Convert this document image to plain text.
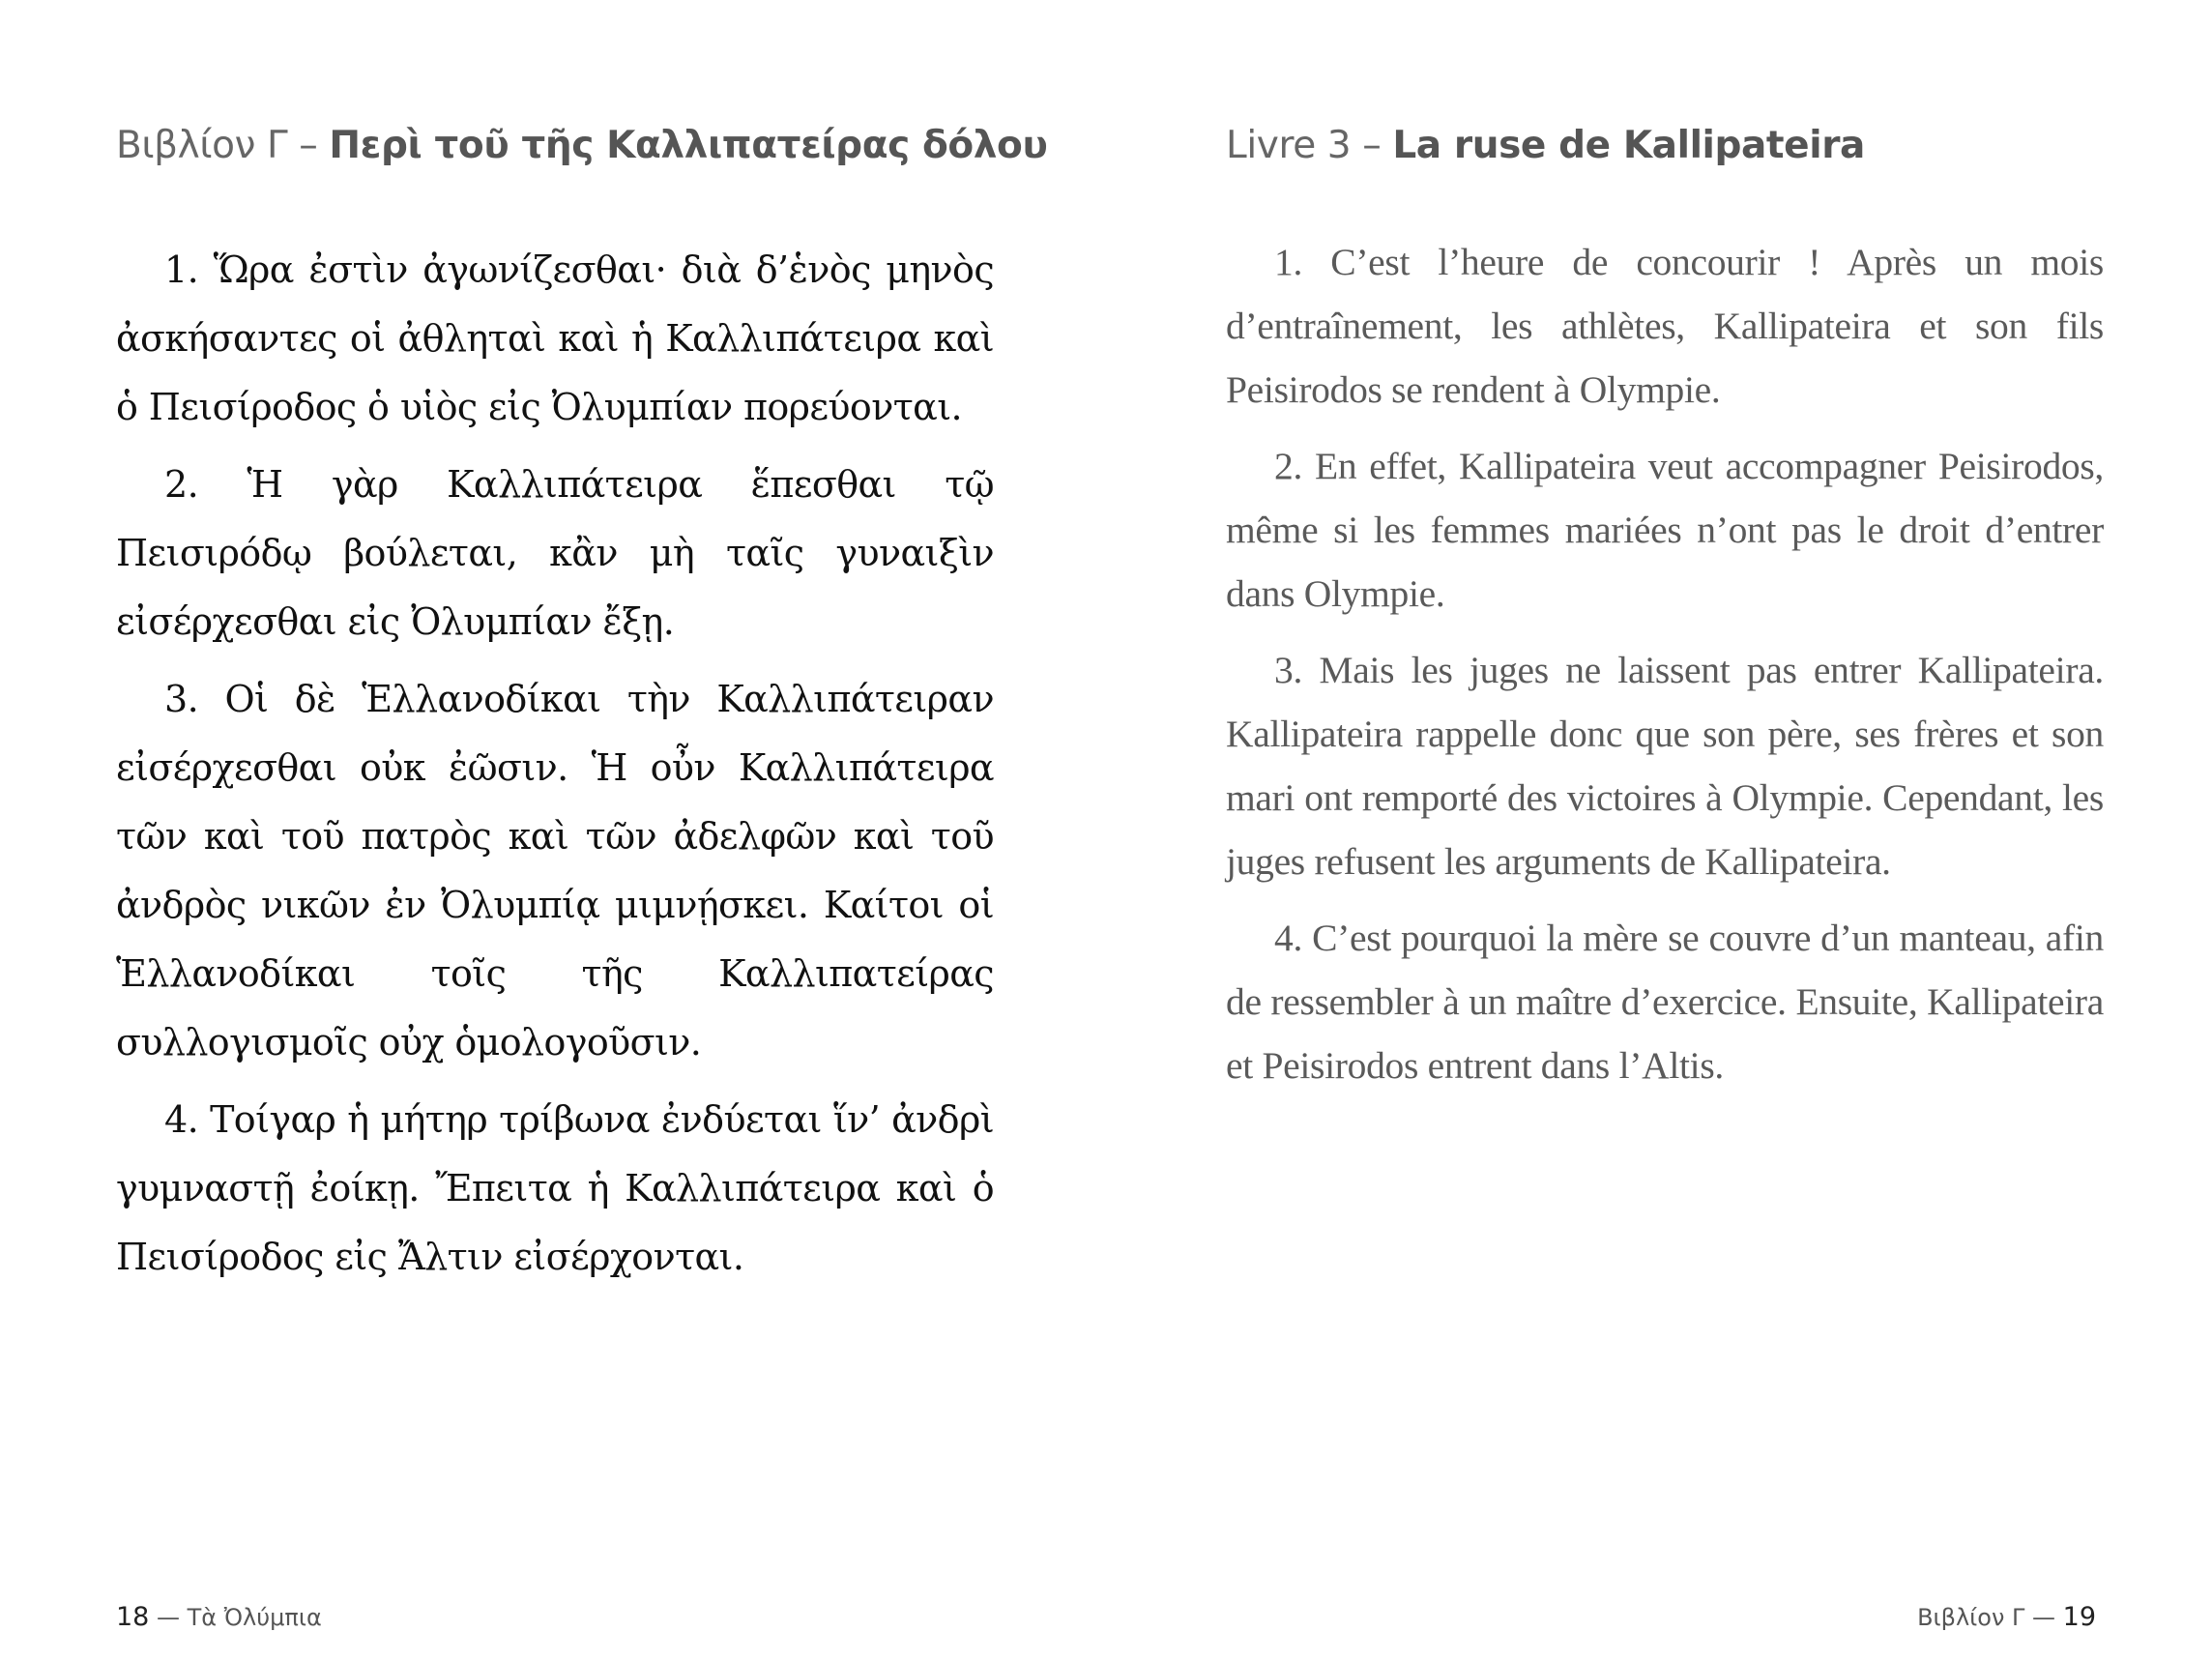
Βιβλίον Γ – Περὶ τοῦ τῆς Καλλιπατείρας δόλου

1. Ὥρα ἐστὶν ἀγωνίζεσθαι· διὰ δ’ἑνὸς μηνὸς ἀσκήσαντες οἱ ἀθληταὶ καὶ ἡ Καλλιπάτειρα καὶ ὁ Πεισίροδος ὁ υἱὸς εἰς Ὀλυμπίαν πορεύονται.

2. Ἡ γὰρ Καλλιπάτειρα ἕπεσθαι τῷ Πεισιρόδῳ βούλεται, κἂν μὴ ταῖς γυναιξὶν εἰσέρχεσθαι εἰς Ὀλυμπίαν ἔξῃ.

3. Οἱ δὲ Ἑλλανοδίκαι τὴν Καλλιπάτειραν εἰσέρχεσθαι οὐκ ἐῶσιν. Ἡ οὖν Καλλιπάτειρα τῶν καὶ τοῦ πατρὸς καὶ τῶν ἀδελφῶν καὶ τοῦ ἀνδρὸς νικῶν ἐν Ὀλυμπίᾳ μιμνῄσκει. Καίτοι οἱ Ἑλλανοδίκαι τοῖς τῆς Καλλιπατείρας συλλογισμοῖς οὐχ ὁμολογοῦσιν.

4. Τοίγαρ ἡ μήτηρ τρίβωνα ἐνδύεται ἵν’ ἀνδρὶ γυμναστῇ ἐοίκῃ. Ἔπειτα ἡ Καλλιπάτειρα καὶ ὁ Πεισίροδος εἰς Ἄλτιν εἰσέρχονται.

18 — Τὰ Ὀλύμπια
Livre 3 – La ruse de Kallipateira
Βιβλίον Γ — 19

1. C’est l’heure de concourir ! Après un mois d’entraînement, les athlètes, Kallipateira et son fils Peisirodos se rendent à Olympie.

2. En effet, Kallipateira veut accompagner Peisirodos, même si les femmes mariées n’ont pas le droit d’entrer dans Olympie.

3. Mais les juges ne laissent pas entrer Kallipateira. Kallipateira rappelle donc que son père, ses frères et son mari ont remporté des victoires à Olympie. Cependant, les juges refusent les arguments de Kallipateira.

4. C’est pourquoi la mère se couvre d’un manteau, afin de ressembler à un maître d’exercice. Ensuite, Kallipateira et Peisirodos entrent dans l’Altis.
